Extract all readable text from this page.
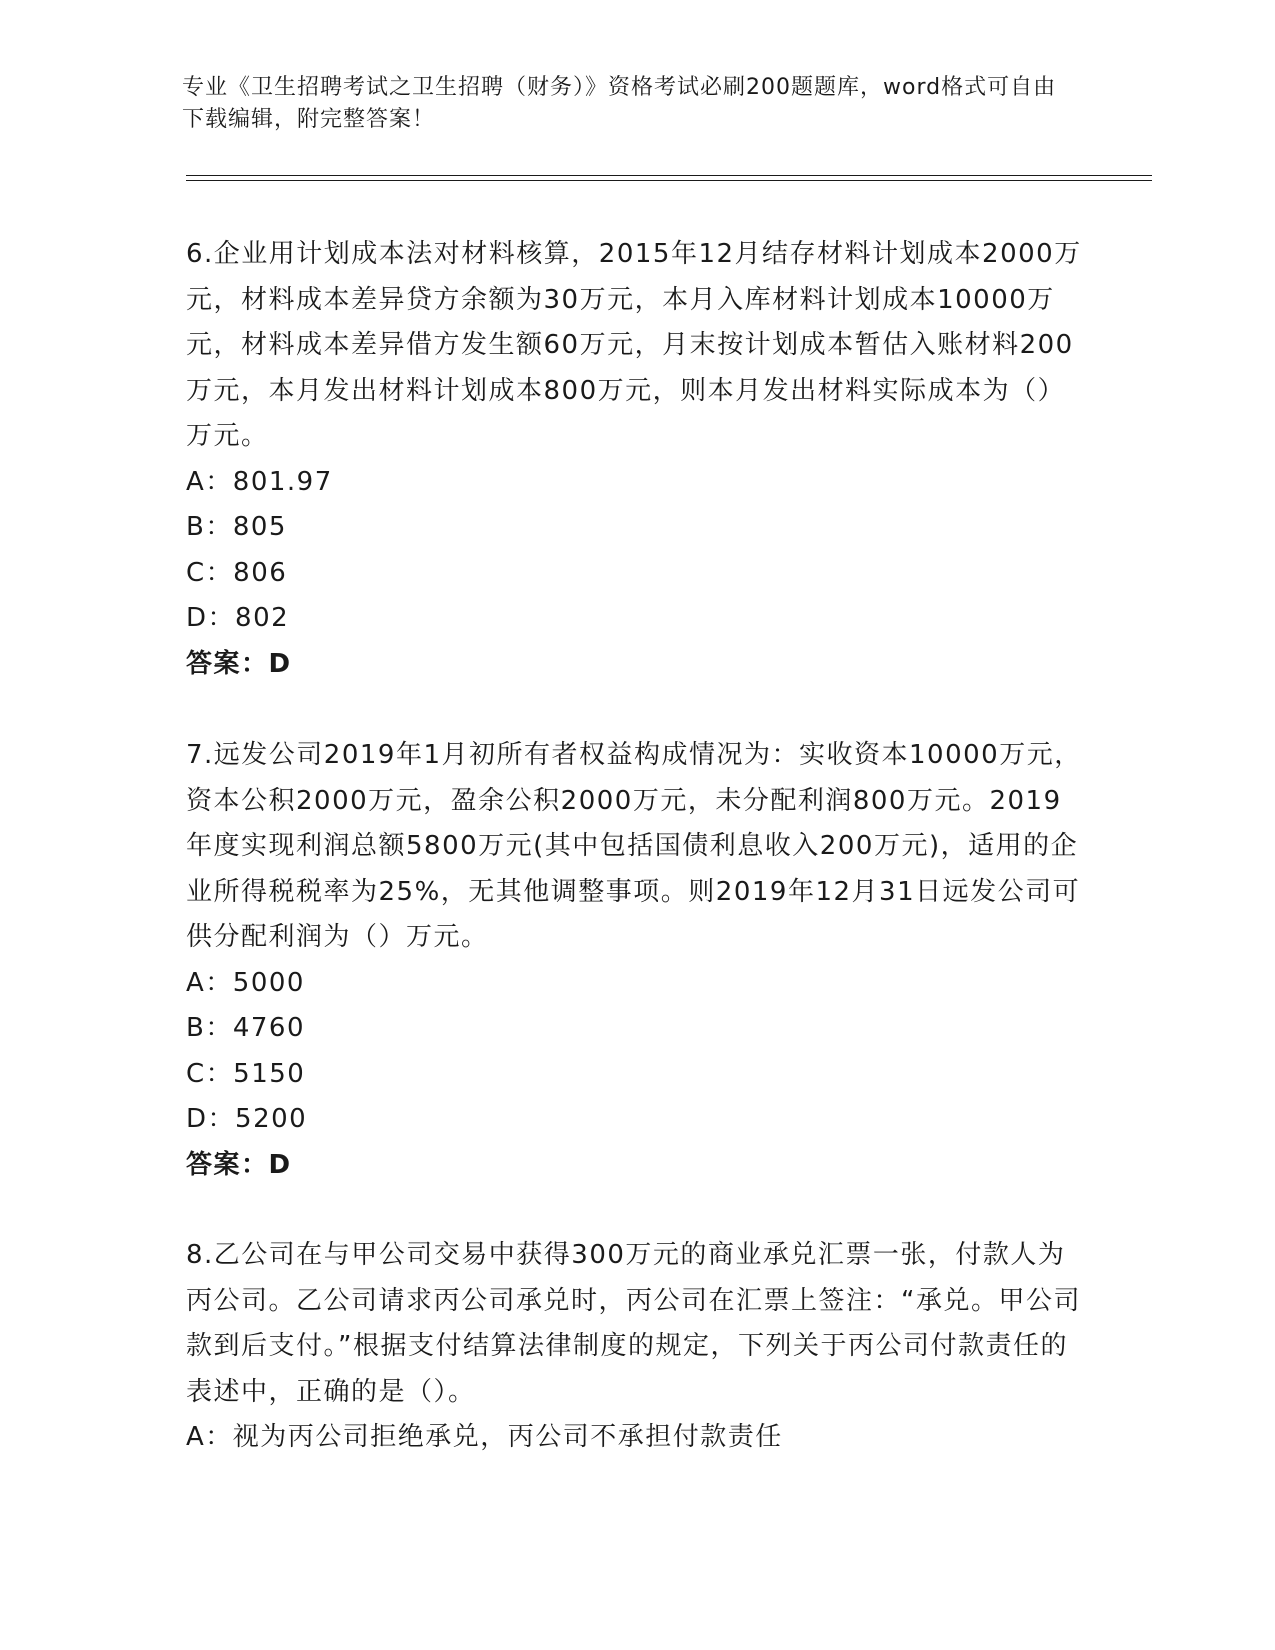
专业《卫生招聘考试之卫生招聘（财务）》资格考试必刷200题题库，word格式可自由下载编辑，附完整答案！

6.企业用计划成本法对材料核算，2015年12月结存材料计划成本2000万元，材料成本差异贷方余额为30万元，本月入库材料计划成本10000万元，材料成本差异借方发生额60万元，月末按计划成本暂估入账材料200万元，本月发出材料计划成本800万元，则本月发出材料实际成本为（）万元。

A：801.97

B：805

C：806

D：802

答案：D

7.远发公司2019年1月初所有者权益构成情况为：实收资本10000万元，资本公积2000万元，盈余公积2000万元，未分配利润800万元。2019年度实现利润总额5800万元(其中包括国债利息收入200万元)，适用的企业所得税税率为25%，无其他调整事项。则2019年12月31日远发公司可供分配利润为（）万元。

A：5000

B：4760

C：5150

D：5200

答案：D

8.乙公司在与甲公司交易中获得300万元的商业承兑汇票一张，付款人为丙公司。乙公司请求丙公司承兑时，丙公司在汇票上签注：“承兑。甲公司款到后支付。”根据支付结算法律制度的规定，下列关于丙公司付款责任的表述中，正确的是（）。

A：视为丙公司拒绝承兑，丙公司不承担付款责任
